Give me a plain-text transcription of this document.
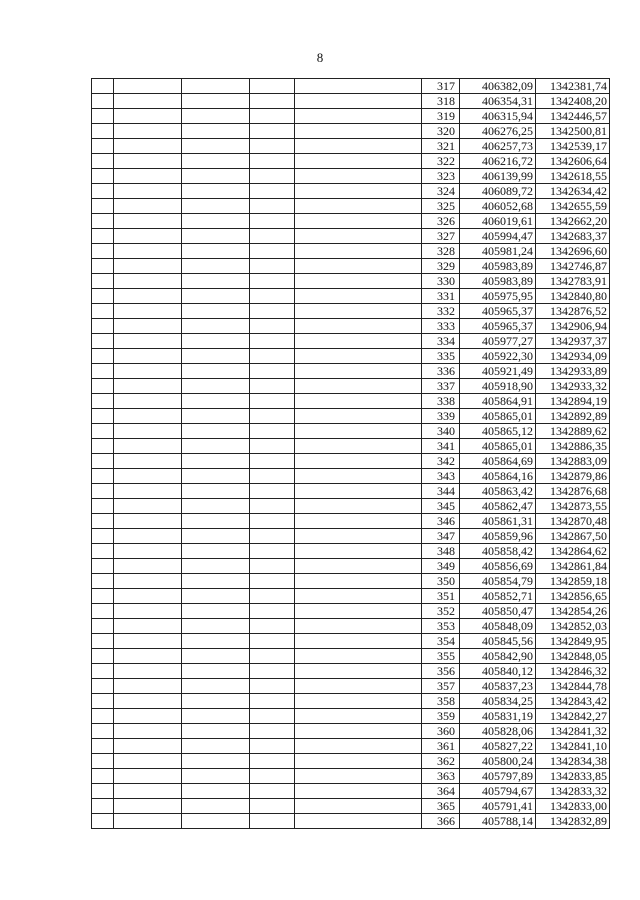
8
					317	406382,09	1342381,74
					318	406354,31	1342408,20
					319	406315,94	1342446,57
					320	406276,25	1342500,81
					321	406257,73	1342539,17
					322	406216,72	1342606,64
					323	406139,99	1342618,55
					324	406089,72	1342634,42
					325	406052,68	1342655,59
					326	406019,61	1342662,20
					327	405994,47	1342683,37
					328	405981,24	1342696,60
					329	405983,89	1342746,87
					330	405983,89	1342783,91
					331	405975,95	1342840,80
					332	405965,37	1342876,52
					333	405965,37	1342906,94
					334	405977,27	1342937,37
					335	405922,30	1342934,09
					336	405921,49	1342933,89
					337	405918,90	1342933,32
					338	405864,91	1342894,19
					339	405865,01	1342892,89
					340	405865,12	1342889,62
					341	405865,01	1342886,35
					342	405864,69	1342883,09
					343	405864,16	1342879,86
					344	405863,42	1342876,68
					345	405862,47	1342873,55
					346	405861,31	1342870,48
					347	405859,96	1342867,50
					348	405858,42	1342864,62
					349	405856,69	1342861,84
					350	405854,79	1342859,18
					351	405852,71	1342856,65
					352	405850,47	1342854,26
					353	405848,09	1342852,03
					354	405845,56	1342849,95
					355	405842,90	1342848,05
					356	405840,12	1342846,32
					357	405837,23	1342844,78
					358	405834,25	1342843,42
					359	405831,19	1342842,27
					360	405828,06	1342841,32
					361	405827,22	1342841,10
					362	405800,24	1342834,38
					363	405797,89	1342833,85
					364	405794,67	1342833,32
					365	405791,41	1342833,00
					366	405788,14	1342832,89
